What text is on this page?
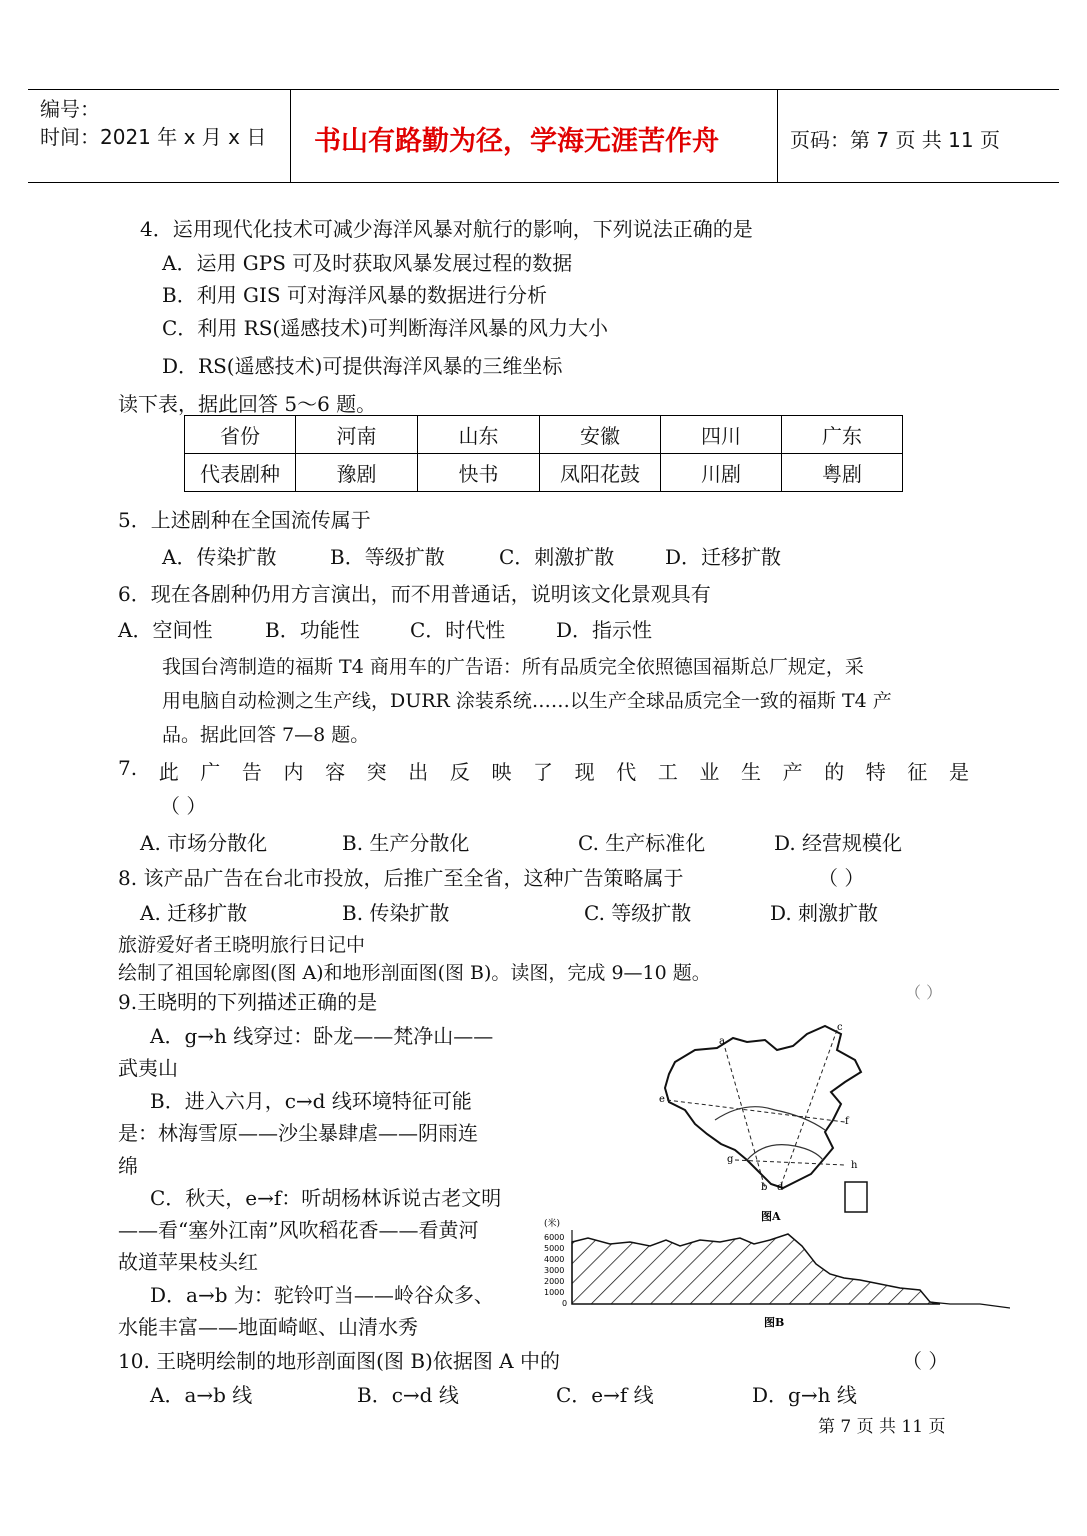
编号：
时间：2021 年 x 月 x 日 书山有路勤为径，学海无涯苦作舟	页码：第 7 页 共 11 页
4．运用现代化技术可减少海洋风暴对航行的影响，下列说法正确的是
A．运用 GPS 可及时获取风暴发展过程的数据
B．利用 GIS 可对海洋风暴的数据进行分析
C．利用 RS(遥感技术)可判断海洋风暴的风力大小
D．RS(遥感技术)可提供海洋风暴的三维坐标
读下表，据此回答 5～6 题。
省份	河南	山东	安徽	四川	广东
代表剧种	豫剧	快书	凤阳花鼓	川剧	粤剧
5．上述剧种在全国流传属于
A．传染扩散	B．等级扩散	C．刺激扩散	D．迁移扩散
6．现在各剧种仍用方言演出，而不用普通话，说明该文化景观具有
A．空间性	B．功能性	C．时代性	D．指示性
我国台湾制造的福斯 T4 商用车的广告语：所有品质完全依照德国福斯总厂规定，采
用电脑自动检测之生产线，DURR 涂装系统……以生产全球品质完全一致的福斯 T4 产
品。据此回答 7—8 题。
7. 此 广 告 内 容 突 出 反 映 了 现 代 工 业 生 产 的 特 征 是
（ ）
A. 市场分散化	B. 生产分散化	C. 生产标准化	D. 经营规模化
8. 该产品广告在台北市投放，后推广至全省，这种广告策略属于	（ ）
A. 迁移扩散	B. 传染扩散	C. 等级扩散	D. 刺激扩散
旅游爱好者王晓明旅行日记中
绘制了祖国轮廓图(图 A)和地形剖面图(图 B)。读图，完成 9—10 题。
9.王晓明的下列描述正确的是	（ ）
A．g→h 线穿过：卧龙——梵净山——
武夷山
B．进入六月，c→d 线环境特征可能
是：林海雪原——沙尘暴肆虐——阴雨连
绵
C．秋天，e→f：听胡杨林诉说古老文明
——看“塞外江南”风吹稻花香——看黄河
故道苹果枝头红
D．a→b 为：驼铃叮当——岭谷众多、
水能丰富——地面崎岖、山清水秀
a
b
c
d
e
f
g
h
图A
(米)
6000
5000
4000
3000
2000
1000
0
图B
10. 王晓明绘制的地形剖面图(图 B)依据图 A 中的	（ ）
A．a→b 线	B．c→d 线	C．e→f 线	D．g→h 线
第 7 页 共 11 页
